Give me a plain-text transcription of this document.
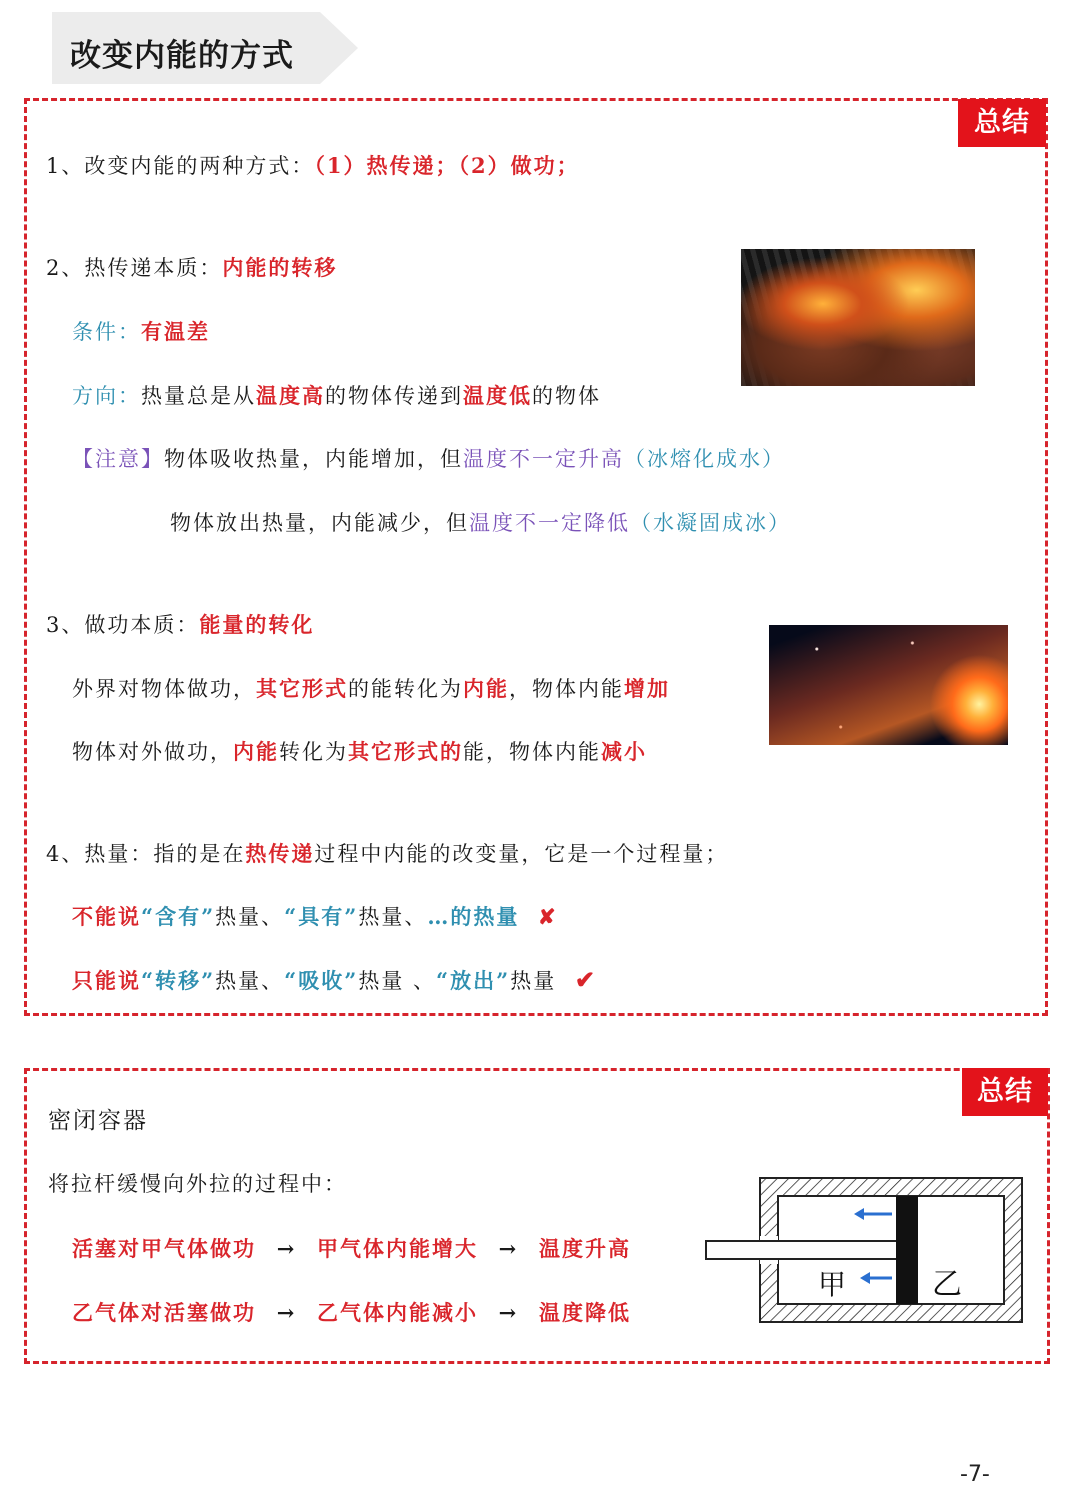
改变内能的方式
总结
1、改变内能的两种方式：（1）热传递；（2）做功；
2、热传递本质：内能的转移
条件：有温差
方向：热量总是从温度高的物体传递到温度低的物体
【注意】物体吸收热量，内能增加，但温度不一定升高（冰熔化成水）
物体放出热量，内能减少，但温度不一定降低（水凝固成冰）
3、做功本质：能量的转化
外界对物体做功，其它形式的能转化为内能，物体内能增加
物体对外做功，内能转化为其它形式的能，物体内能减小
4、热量：指的是在热传递过程中内能的改变量，它是一个过程量；
不能说“含有”热量、“具有”热量、…的热量 ✘
只能说“转移”热量、“吸收”热量 、“放出”热量 ✔
总结
密闭容器
将拉杆缓慢向外拉的过程中：
活塞对甲气体做功 → 甲气体内能增大 → 温度升高
乙气体对活塞做功 → 乙气体内能减小 → 温度降低
甲	乙
-7-
